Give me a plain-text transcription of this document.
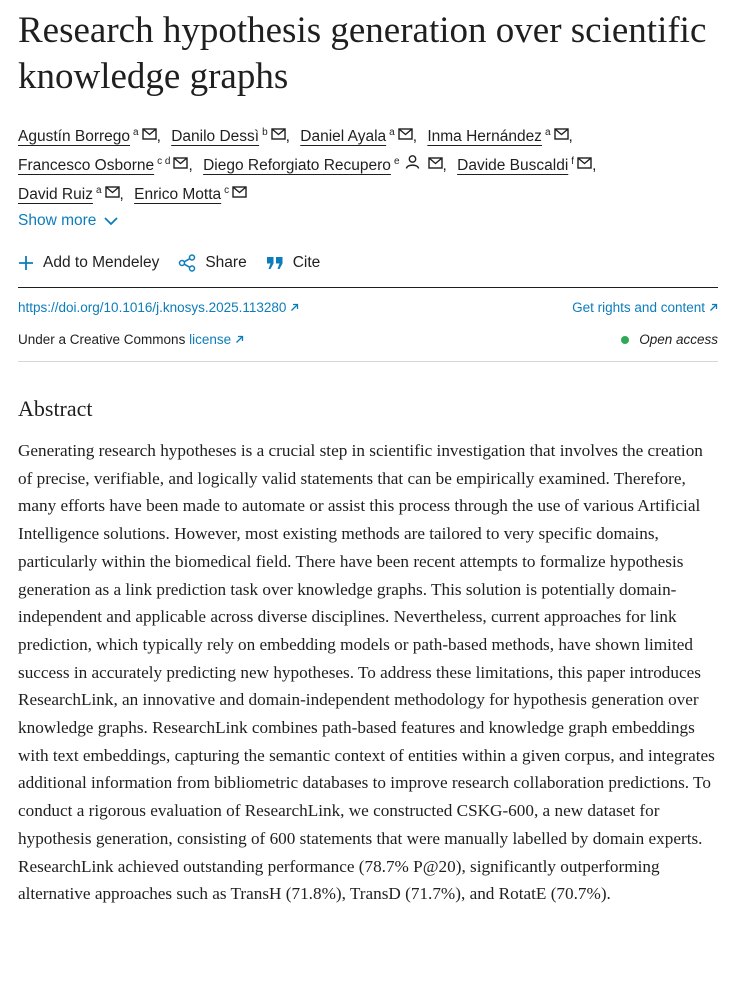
Research hypothesis generation over scientific knowledge graphs
Agustín Borrego $^a$ , Danilo Dessì $^b$ , Daniel Ayala $^a$ , Inma Hernández $^a$ ,
Francesco Osborne $^{c d}$ , Diego Reforgiato Recupero $^e$	, Davide Buscaldi $^f$ ,
David Ruiz $^a$ , Enrico Motta $^c$
Show more
Add to Mendeley	Share	Cite
https://doi.org/10.1016/j.knosys.2025.113280	Get rights and content
Under a Creative Commons license	Open access
Abstract

Generating research hypotheses is a crucial step in scientific investigation that involves the creation of precise, verifiable, and logically valid statements that can be empirically examined. Therefore, many efforts have been made to automate or assist this process through the use of various Artificial Intelligence solutions. However, most existing methods are tailored to very specific domains, particularly within the biomedical field. There have been recent attempts to formalize hypothesis generation as a link prediction task over knowledge graphs. This solution is potentially domain-independent and applicable across diverse disciplines. Nevertheless, current approaches for link prediction, which typically rely on embedding models or path-based methods, have shown limited success in accurately predicting new hypotheses. To address these limitations, this paper introduces ResearchLink, an innovative and domain-independent methodology for hypothesis generation over knowledge graphs. ResearchLink combines path-based features and knowledge graph embeddings with text embeddings, capturing the semantic context of entities within a given corpus, and integrates additional information from bibliometric databases to improve research collaboration predictions. To conduct a rigorous evaluation of ResearchLink, we constructed CSKG-600, a new dataset for hypothesis generation, consisting of 600 statements that were manually labelled by domain experts. ResearchLink achieved outstanding performance (78.7% P@20), significantly outperforming alternative approaches such as TransH (71.8%), TransD (71.7%), and RotatE (70.7%).
